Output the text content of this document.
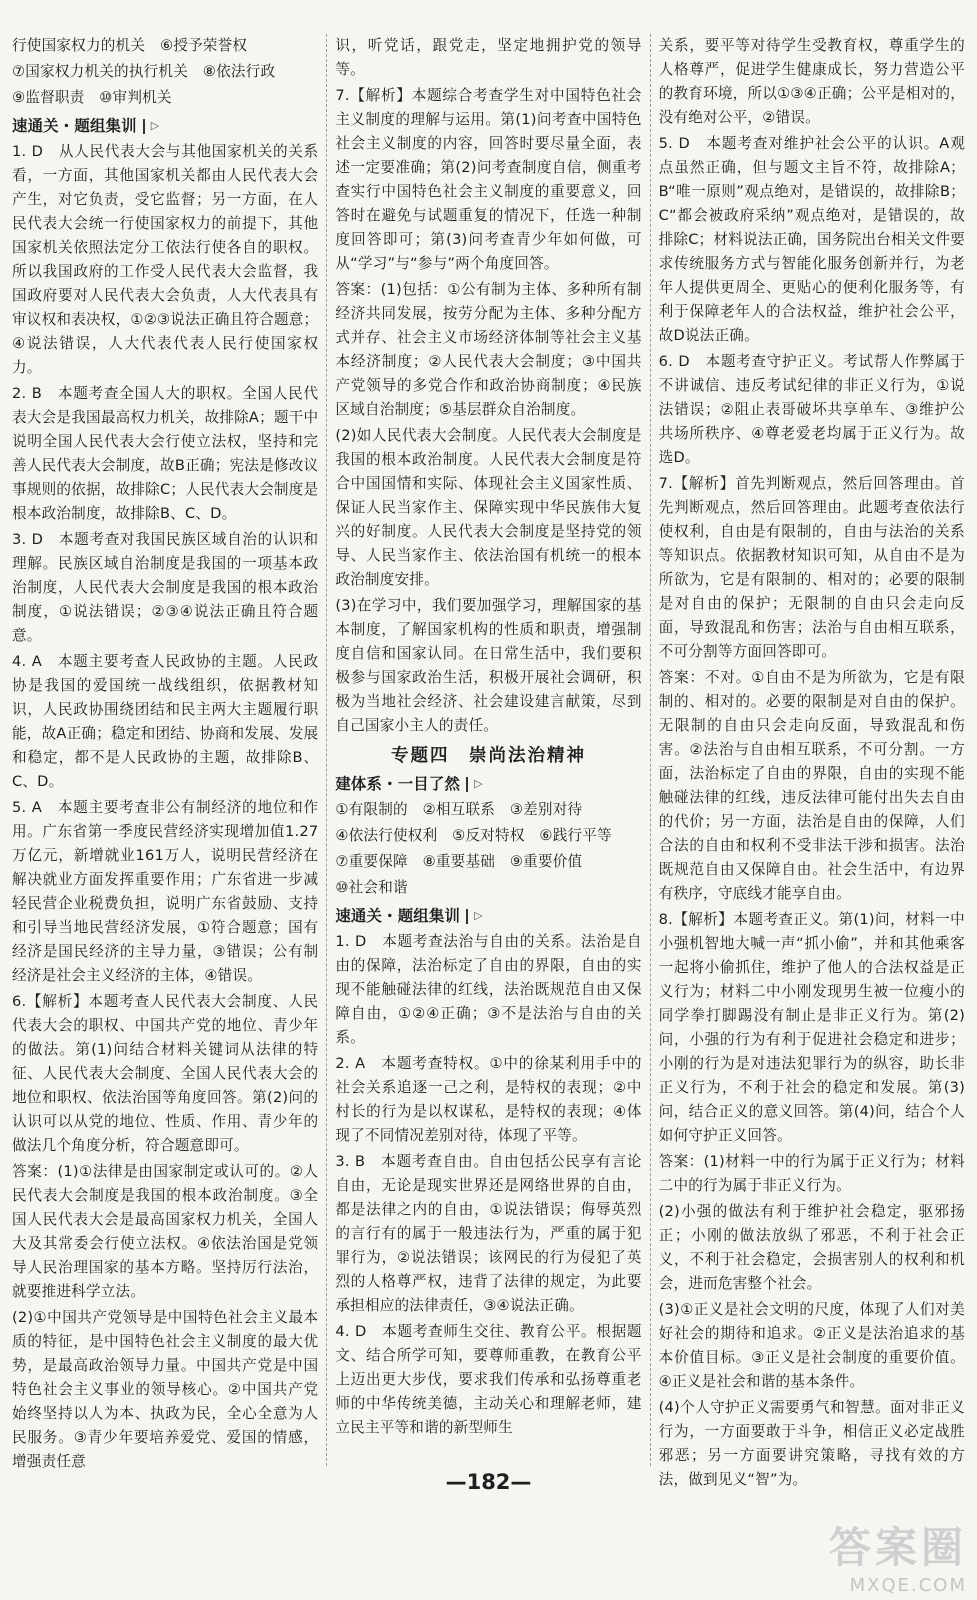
行使国家权力的机关　⑥授予荣誉权

⑦国家权力机关的执行机关　⑧依法行政

⑨监督职责　⑩审判机关

速通关・题组集训 ▷

1. D　从人民代表大会与其他国家机关的关系看，一方面，其他国家机关都由人民代表大会产生，对它负责，受它监督；另一方面，在人民代表大会统一行使国家权力的前提下，其他国家机关依照法定分工依法行使各自的职权。所以我国政府的工作受人民代表大会监督，我国政府要对人民代表大会负责，人大代表具有审议权和表决权，①②③说法正确且符合题意；④说法错误，人大代表代表人民行使国家权力。

2. B　本题考查全国人大的职权。全国人民代表大会是我国最高权力机关，故排除A；题干中说明全国人民代表大会行使立法权，坚持和完善人民代表大会制度，故B正确；宪法是修改议事规则的依据，故排除C；人民代表大会制度是根本政治制度，故排除B、C、D。

3. D　本题考查对我国民族区域自治的认识和理解。民族区域自治制度是我国的一项基本政治制度，人民代表大会制度是我国的根本政治制度，①说法错误；②③④说法正确且符合题意。

4. A　本题主要考查人民政协的主题。人民政协是我国的爱国统一战线组织，依据教材知识，人民政协围绕团结和民主两大主题履行职能，故A正确；稳定和团结、协商和发展、发展和稳定，都不是人民政协的主题，故排除B、C、D。

5. A　本题主要考查非公有制经济的地位和作用。广东省第一季度民营经济实现增加值1.27万亿元，新增就业161万人，说明民营经济在解决就业方面发挥重要作用；广东省进一步减轻民营企业税费负担，说明广东省鼓励、支持和引导当地民营经济发展，①符合题意；国有经济是国民经济的主导力量，③错误；公有制经济是社会主义经济的主体，④错误。

6.【解析】本题考查人民代表大会制度、人民代表大会的职权、中国共产党的地位、青少年的做法。第(1)问结合材料关键词从法律的特征、人民代表大会制度、全国人民代表大会的地位和职权、依法治国等角度回答。第(2)问的认识可以从党的地位、性质、作用、青少年的做法几个角度分析，符合题意即可。

答案：(1)①法律是由国家制定或认可的。②人民代表大会制度是我国的根本政治制度。③全国人民代表大会是最高国家权力机关，全国人大及其常委会行使立法权。④依法治国是党领导人民治理国家的基本方略。坚持厉行法治，就要推进科学立法。

(2)①中国共产党领导是中国特色社会主义最本质的特征，是中国特色社会主义制度的最大优势，是最高政治领导力量。中国共产党是中国特色社会主义事业的领导核心。②中国共产党始终坚持以人为本、执政为民，全心全意为人民服务。③青少年要培养爱党、爱国的情感，增强责任意

识，听党话，跟党走，坚定地拥护党的领导等。

7.【解析】本题综合考查学生对中国特色社会主义制度的理解与运用。第(1)问考查中国特色社会主义制度的内容，回答时要尽量全面，表述一定要准确；第(2)问考查制度自信，侧重考查实行中国特色社会主义制度的重要意义，回答时在避免与试题重复的情况下，任选一种制度回答即可；第(3)问考查青少年如何做，可从“学习”与“参与”两个角度回答。

答案：(1)包括：①公有制为主体、多种所有制经济共同发展，按劳分配为主体、多种分配方式并存、社会主义市场经济体制等社会主义基本经济制度；②人民代表大会制度；③中国共产党领导的多党合作和政治协商制度；④民族区域自治制度；⑤基层群众自治制度。

(2)如人民代表大会制度。人民代表大会制度是我国的根本政治制度。人民代表大会制度是符合中国国情和实际、体现社会主义国家性质、保证人民当家作主、保障实现中华民族伟大复兴的好制度。人民代表大会制度是坚持党的领导、人民当家作主、依法治国有机统一的根本政治制度安排。

(3)在学习中，我们要加强学习，理解国家的基本制度，了解国家机构的性质和职责，增强制度自信和国家认同。在日常生活中，我们要积极参与国家政治生活，积极开展社会调研，积极为当地社会经济、社会建设建言献策，尽到自己国家小主人的责任。

专题四　崇尚法治精神
建体系・一目了然 ▷

①有限制的　②相互联系　③差别对待

④依法行使权利　⑤反对特权　⑥践行平等

⑦重要保障　⑧重要基础　⑨重要价值

⑩社会和谐

速通关・题组集训 ▷

1. D　本题考查法治与自由的关系。法治是自由的保障，法治标定了自由的界限，自由的实现不能触碰法律的红线，法治既规范自由又保障自由，①②④正确；③不是法治与自由的关系。

2. A　本题考查特权。①中的徐某利用手中的社会关系追逐一己之利，是特权的表现；②中村长的行为是以权谋私，是特权的表现；④体现了不同情况差别对待，体现了平等。

3. B　本题考查自由。自由包括公民享有言论自由，无论是现实世界还是网络世界的自由，都是法律之内的自由，①说法错误；侮辱英烈的言行有的属于一般违法行为，严重的属于犯罪行为，②说法错误；该网民的行为侵犯了英烈的人格尊严权，违背了法律的规定，为此要承担相应的法律责任，③④说法正确。

4. D　本题考查师生交往、教育公平。根据题文、结合所学可知，要尊师重教，在教育公平上迈出更大步伐，要求我们传承和弘扬尊重老师的中华传统美德，主动关心和理解老师，建立民主平等和谐的新型师生

关系，要平等对待学生受教育权，尊重学生的人格尊严，促进学生健康成长，努力营造公平的教育环境，所以①③④正确；公平是相对的，没有绝对公平，②错误。

5. D　本题考查对维护社会公平的认识。A观点虽然正确，但与题文主旨不符，故排除A；B“唯一原则”观点绝对，是错误的，故排除B；C“都会被政府采纳”观点绝对，是错误的，故排除C；材料说法正确，国务院出台相关文件要求传统服务方式与智能化服务创新并行，为老年人提供更周全、更贴心的便利化服务等，有利于保障老年人的合法权益，维护社会公平，故D说法正确。

6. D　本题考查守护正义。考试帮人作弊属于不讲诚信、违反考试纪律的非正义行为，①说法错误；②阻止表哥破坏共享单车、③维护公共场所秩序、④尊老爱老均属于正义行为。故选D。

7.【解析】首先判断观点，然后回答理由。首先判断观点，然后回答理由。此题考查依法行使权利，自由是有限制的，自由与法治的关系等知识点。依据教材知识可知，从自由不是为所欲为，它是有限制的、相对的；必要的限制是对自由的保护；无限制的自由只会走向反面，导致混乱和伤害；法治与自由相互联系，不可分割等方面回答即可。

答案：不对。①自由不是为所欲为，它是有限制的、相对的。必要的限制是对自由的保护。无限制的自由只会走向反面，导致混乱和伤害。②法治与自由相互联系，不可分割。一方面，法治标定了自由的界限，自由的实现不能触碰法律的红线，违反法律可能付出失去自由的代价；另一方面，法治是自由的保障，人们合法的自由和权利不受非法干涉和损害。法治既规范自由又保障自由。社会生活中，有边界有秩序，守底线才能享自由。

8.【解析】本题考查正义。第(1)问，材料一中小强机智地大喊一声“抓小偷”，并和其他乘客一起将小偷抓住，维护了他人的合法权益是正义行为；材料二中小刚发现男生被一位瘦小的同学拳打脚踢没有制止是非正义行为。第(2)问，小强的行为有利于促进社会稳定和进步；小刚的行为是对违法犯罪行为的纵容，助长非正义行为，不利于社会的稳定和发展。第(3)问，结合正义的意义回答。第(4)问，结合个人如何守护正义回答。

答案：(1)材料一中的行为属于正义行为；材料二中的行为属于非正义行为。

(2)小强的做法有利于维护社会稳定，驱邪扬正；小刚的做法放纵了邪恶，不利于社会正义，不利于社会稳定，会损害别人的权利和机会，进而危害整个社会。

(3)①正义是社会文明的尺度，体现了人们对美好社会的期待和追求。②正义是法治追求的基本价值目标。③正义是社会制度的重要价值。④正义是社会和谐的基本条件。

(4)个人守护正义需要勇气和智慧。面对非正义行为，一方面要敢于斗争，相信正义必定战胜邪恶；另一方面要讲究策略，寻找有效的方法，做到见义“智”为。

—182—
答案圈
MXQE.COM
